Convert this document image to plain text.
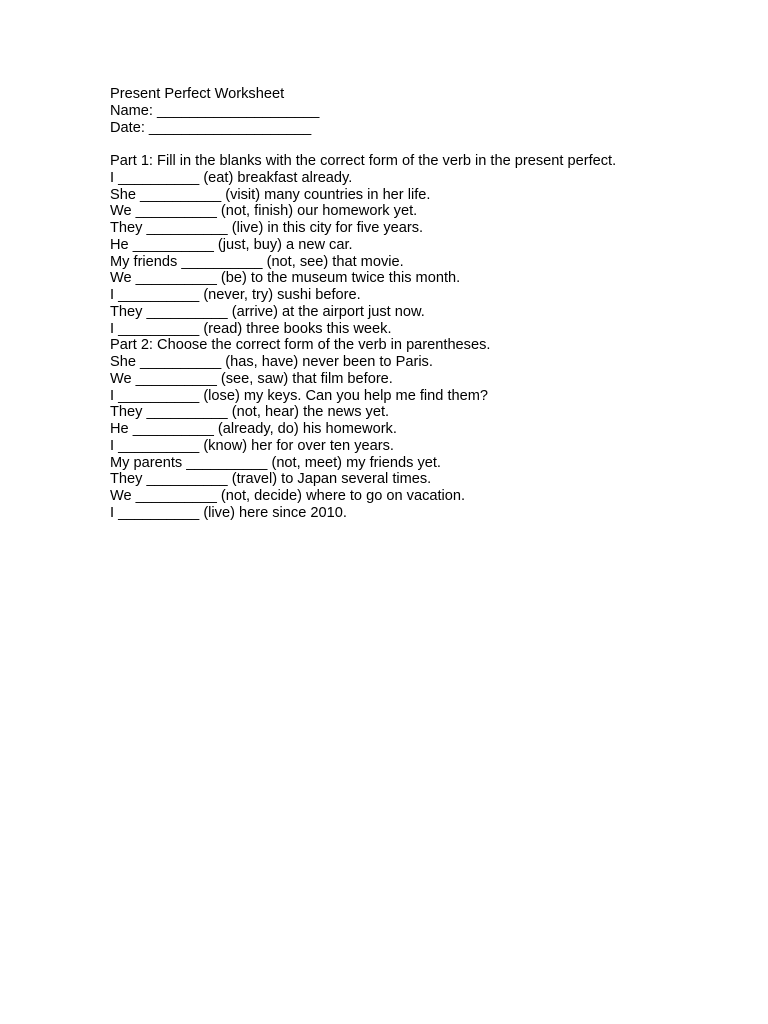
Present Perfect Worksheet
Name: ____________________
Date: ____________________
Part 1: Fill in the blanks with the correct form of the verb in the present perfect.
I __________ (eat) breakfast already.
She __________ (visit) many countries in her life.
We __________ (not, finish) our homework yet.
They __________ (live) in this city for five years.
He __________ (just, buy) a new car.
My friends __________ (not, see) that movie.
We __________ (be) to the museum twice this month.
I __________ (never, try) sushi before.
They __________ (arrive) at the airport just now.
I __________ (read) three books this week.
Part 2: Choose the correct form of the verb in parentheses.
She __________ (has, have) never been to Paris.
We __________ (see, saw) that film before.
I __________ (lose) my keys. Can you help me find them?
They __________ (not, hear) the news yet.
He __________ (already, do) his homework.
I __________ (know) her for over ten years.
My parents __________ (not, meet) my friends yet.
They __________ (travel) to Japan several times.
We __________ (not, decide) where to go on vacation.
I __________ (live) here since 2010.
